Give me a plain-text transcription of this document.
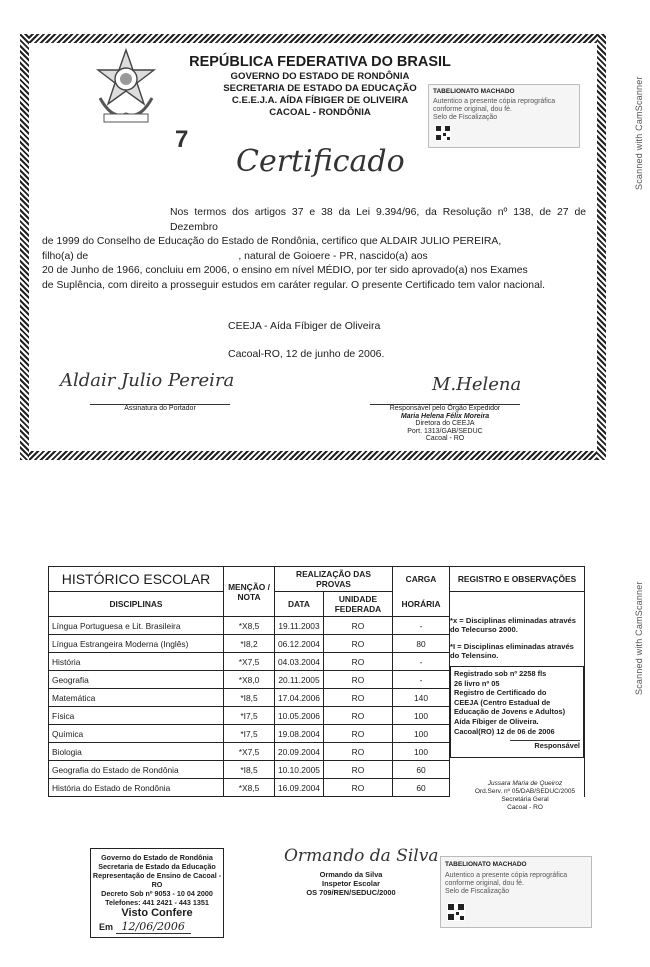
Scanned with CamScanner
Scanned with CamScanner
REPÚBLICA FEDERATIVA DO BRASIL
GOVERNO DO ESTADO DE RONDÔNIA
SECRETARIA DE ESTADO DA EDUCAÇÃO
C.E.E.J.A. AÍDA FÍBIGER DE OLIVEIRA
CACOAL - RONDÔNIA
7
Certificado
TABELIONATO MACHADO
Autentico a presente cópia reprográfica
conforme original, dou fé.
Selo de Fiscalização
Nos termos dos artigos 37 e 38 da Lei 9.394/96, da Resolução nº 138, de 27 de Dezembro
de 1999 do Conselho de Educação do Estado de Rondônia, certifico que ALDAIR JULIO PEREIRA,
filho(a) de                                                    , natural de Goioere - PR, nascido(a) aos
20 de Junho de 1966, concluiu em 2006, o ensino em nível MÉDIO, por ter sido aprovado(a) nos Exames
de Suplência, com direito a prosseguir estudos em caráter regular. O presente Certificado tem valor nacional.
CEEJA - Aída Fíbiger de Oliveira
Cacoal-RO, 12 de junho de 2006.
Aldair Julio Pereira
Assinatura do Portador
M.Helena
Responsável pelo Órgão Expedidor
Maria Helena Félix Moreira
Diretora do CEEJA
Port. 1313/GAB/SEDUC
Cacoal - RO
HISTÓRICO ESCOLAR	MENÇÃO /
NOTA	REALIZAÇÃO DAS PROVAS		CARGA	REGISTRO E OBSERVAÇÕES
DISCIPLINAS		DATA	UNIDADE FEDERADA	HORÁRIA	
Língua Portuguesa e Lit. Brasileira	*X8,5	19.11.2003	RO	-	
Língua Estrangeira Moderna (Inglês)	*I8,2	06.12.2004	RO	80	
História	*X7,5	04.03.2004	RO	-	
Geografia	*X8,0	20.11.2005	RO	-	
Matemática	*I8,5	17.04.2006	RO	140	
Física	*I7,5	10.05.2006	RO	100	
Química	*I7,5	19.08.2004	RO	100	
Biologia	*X7,5	20.09.2004	RO	100	
Geografia do Estado de Rondônia	*I8,5	10.10.2005	RO	60	
História do Estado de Rondônia	*X8,5	16.09.2004	RO	60	
*x = Disciplinas eliminadas através do Telecurso 2000.
*I = Disciplinas eliminadas através do Telensino.
Registrado sob nº 2258 fls
26 livro nº 05
Registro de Certificado do
CEEJA (Centro Estadual de
Educação de Jovens e Adultos)
Aída Fíbiger de Oliveira.
Cacoal(RO) 12 de 06 de 2006
Responsável
Jussara Maria de Queiroz
Ord.Serv. nº 05/DAB/SEDUC/2005
Secretária Geral
Cacoal - RO
Governo do Estado de Rondônia
Secretaria de Estado da Educação
Representação de Ensino de Cacoal - RO
Decreto Sob nº 9053 - 10 04 2000
Telefones: 441 2421 - 443 1351
Visto Confere
Em 12/06/2006
Ormando da Silva
Ormando da Silva
Inspetor Escolar
OS 709/REN/SEDUC/2000
TABELIONATO MACHADO
Autentico a presente cópia reprográfica
conforme original, dou fé.
Selo de Fiscalização
